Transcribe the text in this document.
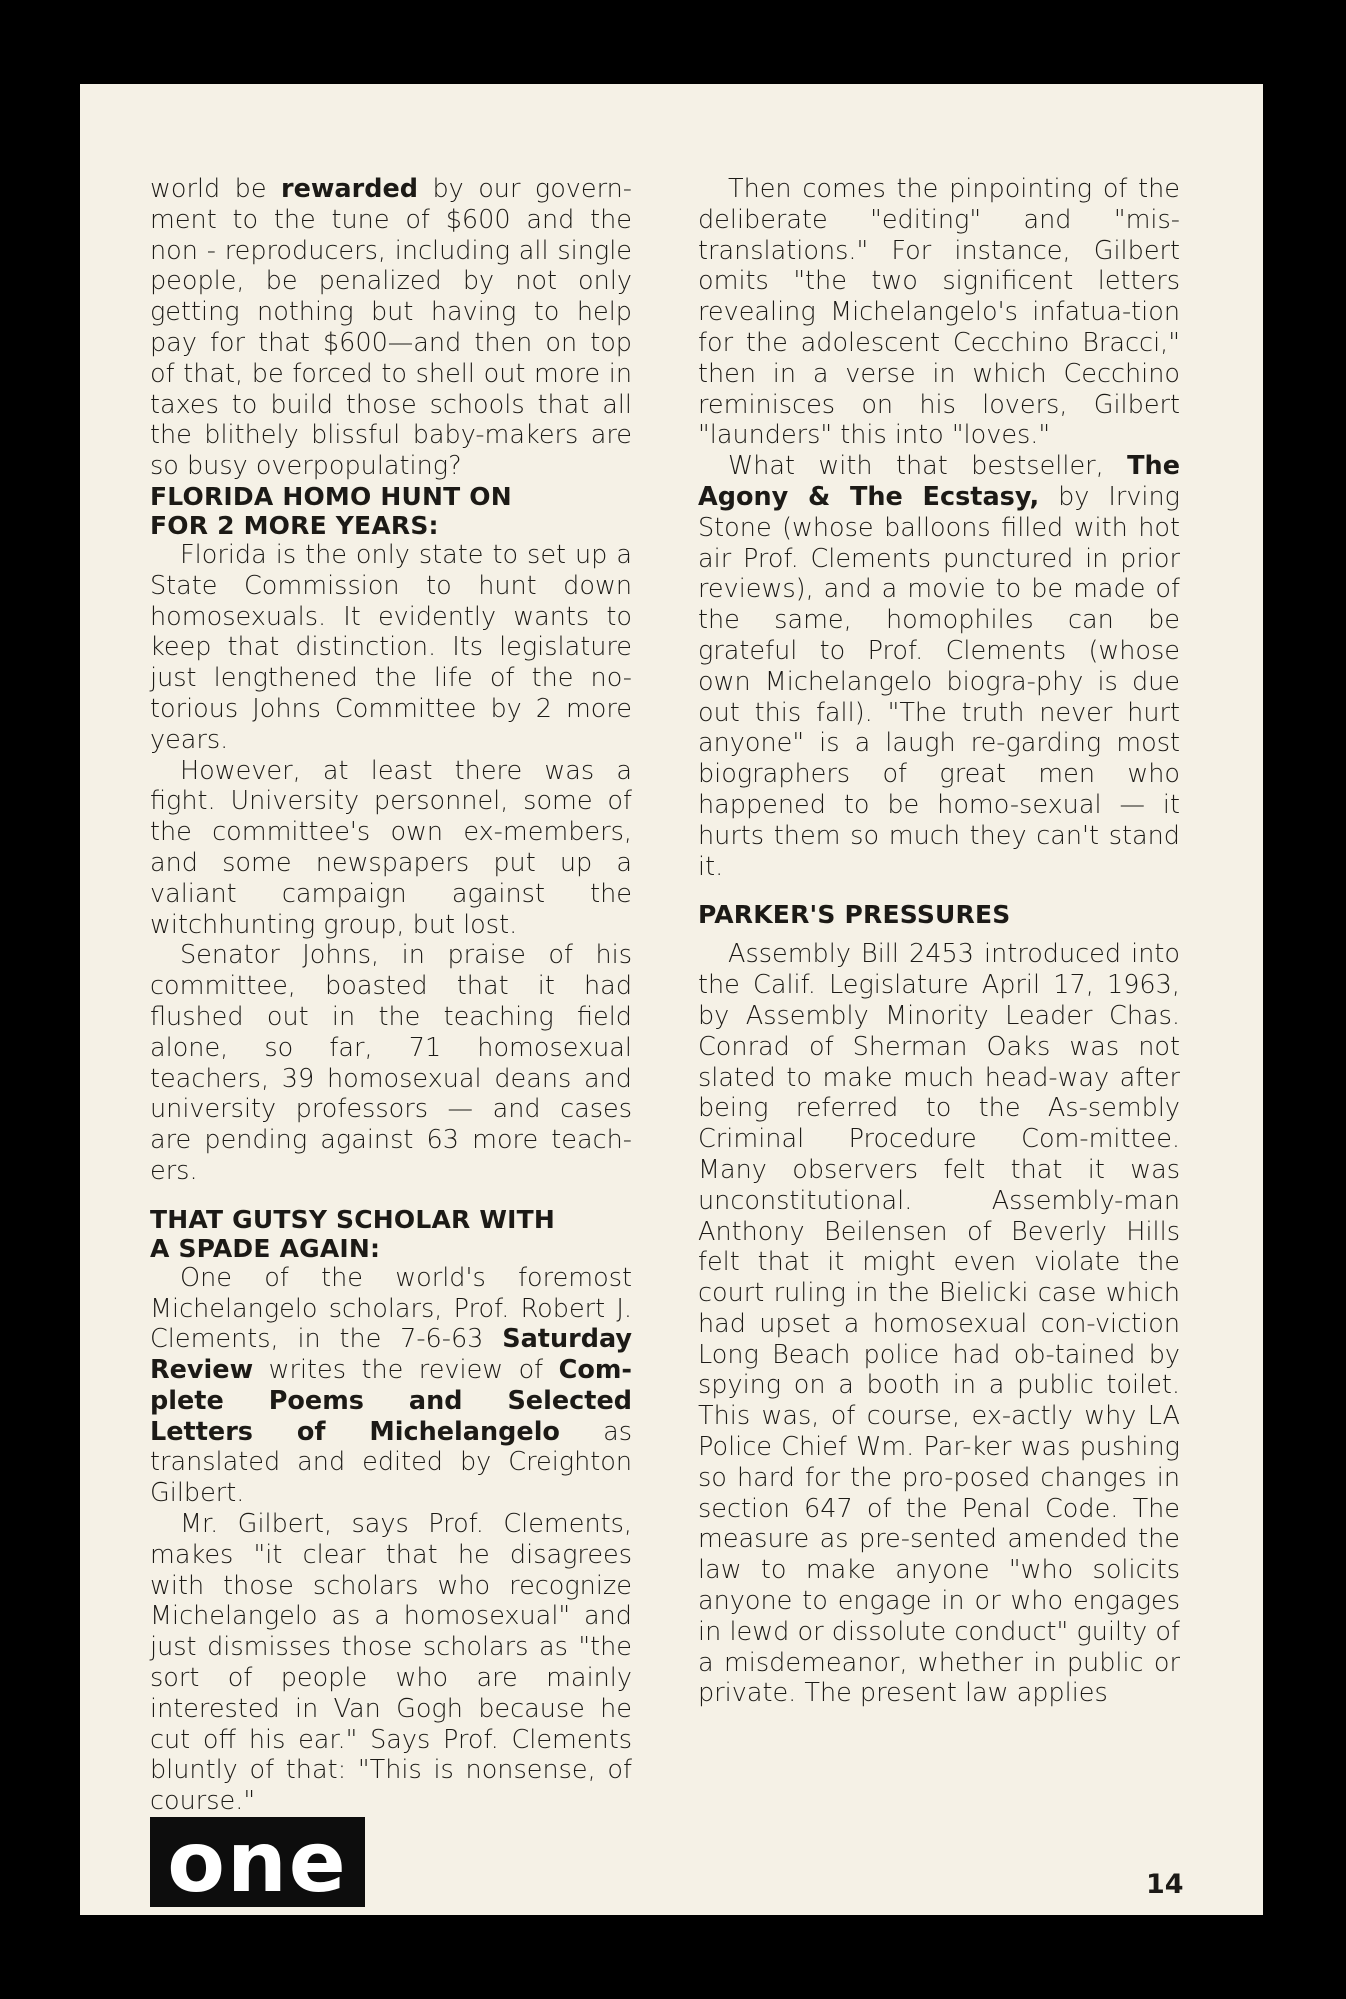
world be rewarded by our govern-ment to the tune of $600 and the non - reproducers, including all single people, be penalized by not only getting nothing but having to help pay for that $600—and then on top of that, be forced to shell out more in taxes to build those schools that all the blithely blissful baby-makers are so busy overpopulating?

FLORIDA HOMO HUNT ON
FOR 2 MORE YEARS:

Florida is the only state to set up a State Commission to hunt down homosexuals. It evidently wants to keep that distinction. Its legislature just lengthened the life of the no-torious Johns Committee by 2 more years.

However, at least there was a fight. University personnel, some of the committee's own ex-members, and some newspapers put up a valiant campaign against the witchhunting group, but lost.

Senator Johns, in praise of his committee, boasted that it had flushed out in the teaching field alone, so far, 71 homosexual teachers, 39 homosexual deans and university professors — and cases are pending against 63 more teach-ers.

THAT GUTSY SCHOLAR WITH
A SPADE AGAIN:

One of the world's foremost Michelangelo scholars, Prof. Robert J. Clements, in the 7-6-63 Saturday Review writes the review of Com-plete Poems and Selected Letters of Michelangelo as translated and edited by Creighton Gilbert.

Mr. Gilbert, says Prof. Clements, makes "it clear that he disagrees with those scholars who recognize Michelangelo as a homosexual" and just dismisses those scholars as "the sort of people who are mainly interested in Van Gogh because he cut off his ear." Says Prof. Clements bluntly of that: "This is nonsense, of course."

Then comes the pinpointing of the deliberate "editing" and "mis-translations." For instance, Gilbert omits "the two significent letters revealing Michelangelo's infatua-tion for the adolescent Cecchino Bracci," then in a verse in which Cecchino reminisces on his lovers, Gilbert "launders" this into "loves."

What with that bestseller, The Agony & The Ecstasy, by Irving Stone (whose balloons filled with hot air Prof. Clements punctured in prior reviews), and a movie to be made of the same, homophiles can be grateful to Prof. Clements (whose own Michelangelo biogra-phy is due out this fall). "The truth never hurt anyone" is a laugh re-garding most biographers of great men who happened to be homo-sexual — it hurts them so much they can't stand it.

PARKER'S PRESSURES

Assembly Bill 2453 introduced into the Calif. Legislature April 17, 1963, by Assembly Minority Leader Chas. Conrad of Sherman Oaks was not slated to make much head-way after being referred to the As-sembly Criminal Procedure Com-mittee. Many observers felt that it was unconstitutional. Assembly-man Anthony Beilensen of Beverly Hills felt that it might even violate the court ruling in the Bielicki case which had upset a homosexual con-viction Long Beach police had ob-tained by spying on a booth in a public toilet. This was, of course, ex-actly why LA Police Chief Wm. Par-ker was pushing so hard for the pro-posed changes in section 647 of the Penal Code. The measure as pre-sented amended the law to make anyone "who solicits anyone to engage in or who engages in lewd or dissolute conduct" guilty of a misdemeanor, whether in public or private. The present law applies

one	14
